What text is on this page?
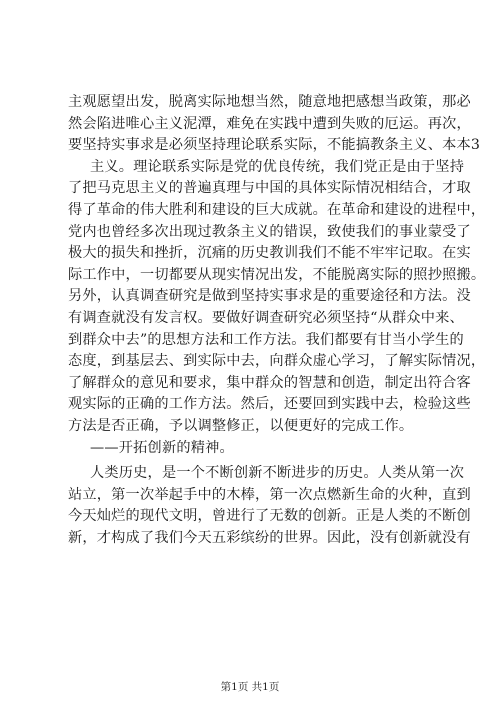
主观愿望出发，脱离实际地想当然，随意地把感想当政策，那必
然会陷进唯心主义泥潭，难免在实践中遭到失败的厄运。再次，
要坚持实事求是必须坚持理论联系实际，不能搞教条主义、本本3
主义。理论联系实际是党的优良传统，我们党正是由于坚持
了把马克思主义的普遍真理与中国的具体实际情况相结合，才取
得了革命的伟大胜利和建设的巨大成就。在革命和建设的进程中，
党内也曾经多次出现过教条主义的错误，致使我们的事业蒙受了
极大的损失和挫折，沉痛的历史教训我们不能不牢牢记取。在实
际工作中，一切都要从现实情况出发，不能脱离实际的照抄照搬。
另外，认真调查研究是做到坚持实事求是的重要途径和方法。没
有调查就没有发言权。要做好调查研究必须坚持“从群众中来、
到群众中去”的思想方法和工作方法。我们都要有甘当小学生的
态度，到基层去、到实际中去，向群众虚心学习，了解实际情况，
了解群众的意见和要求，集中群众的智慧和创造，制定出符合客
观实际的正确的工作方法。然后，还要回到实践中去，检验这些
方法是否正确，予以调整修正，以便更好的完成工作。
——开拓创新的精神。
人类历史，是一个不断创新不断进步的历史。人类从第一次
站立，第一次举起手中的木棒，第一次点燃新生命的火种，直到
今天灿烂的现代文明，曾进行了无数的创新。正是人类的不断创
新，才构成了我们今天五彩缤纷的世界。因此，没有创新就没有
第1页 共1页
